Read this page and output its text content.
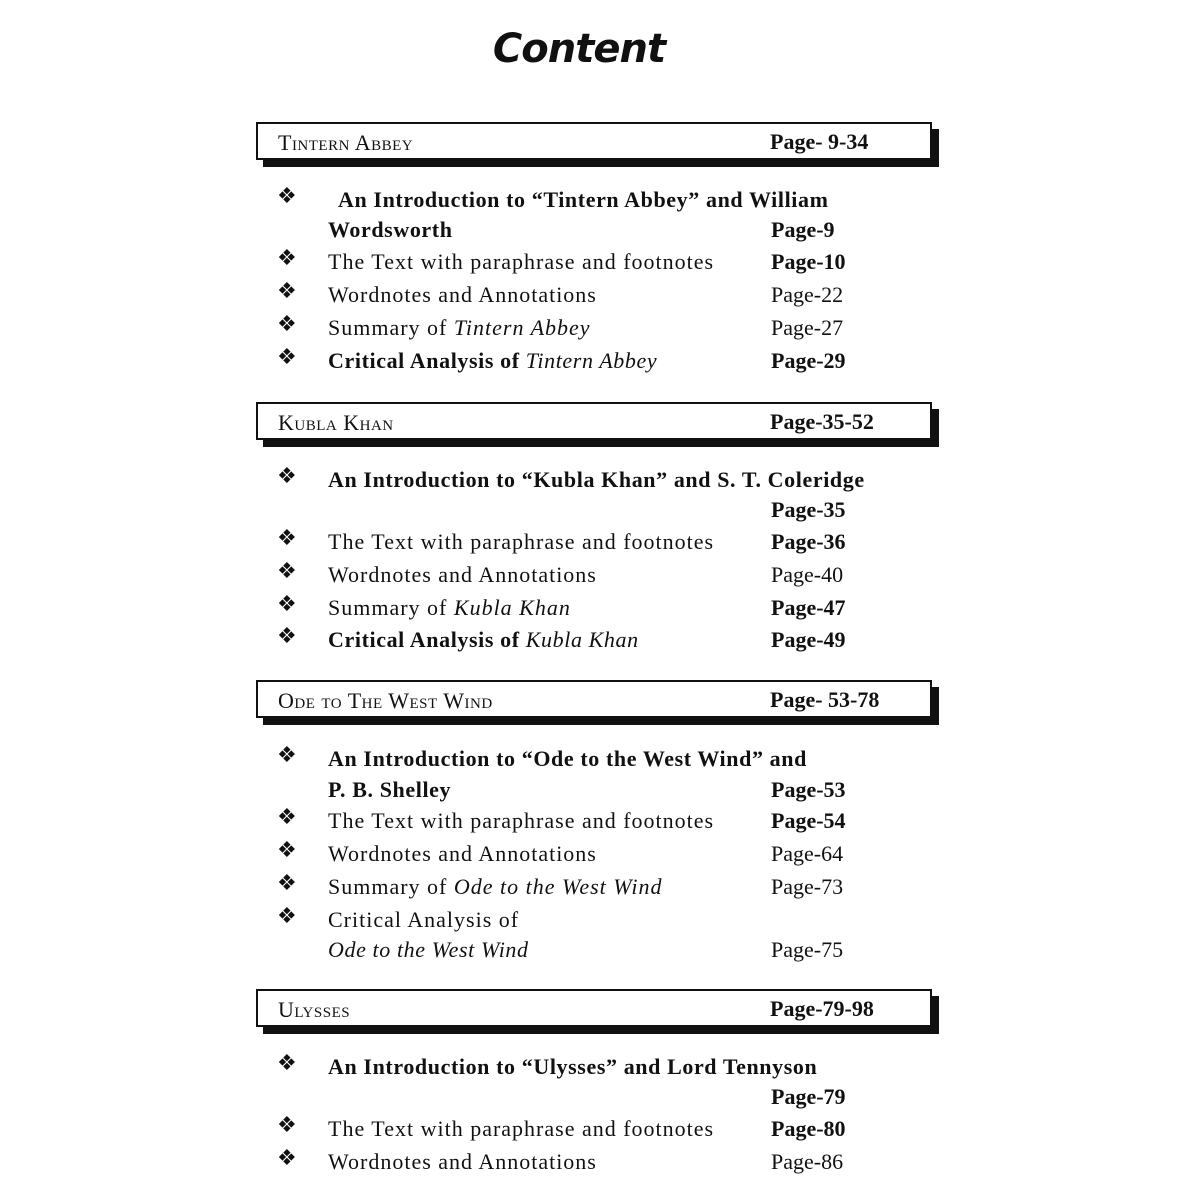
Content
Tintern Abbey	Page- 9-34
❖ An Introduction to “Tintern Abbey” and William
Wordsworth	Page-9
❖ The Text with paraphrase and footnotes	Page-10
❖ Wordnotes and Annotations	Page-22
❖ Summary of Tintern Abbey	Page-27
❖ Critical Analysis of Tintern Abbey	Page-29
Kubla Khan	Page-35-52
❖ An Introduction to “Kubla Khan” and S. T. Coleridge
Page-35
❖ The Text with paraphrase and footnotes	Page-36
❖ Wordnotes and Annotations	Page-40
❖ Summary of Kubla Khan	Page-47
❖ Critical Analysis of Kubla Khan	Page-49
Ode to The West Wind	Page- 53-78
❖ An Introduction to “Ode to the West Wind” and
P. B. Shelley	Page-53
❖ The Text with paraphrase and footnotes	Page-54
❖ Wordnotes and Annotations	Page-64
❖ Summary of Ode to the West Wind	Page-73
❖ Critical Analysis of
Ode to the West Wind	Page-75
Ulysses	Page-79-98
❖ An Introduction to “Ulysses” and Lord Tennyson
Page-79
❖ The Text with paraphrase and footnotes	Page-80
❖ Wordnotes and Annotations	Page-86
